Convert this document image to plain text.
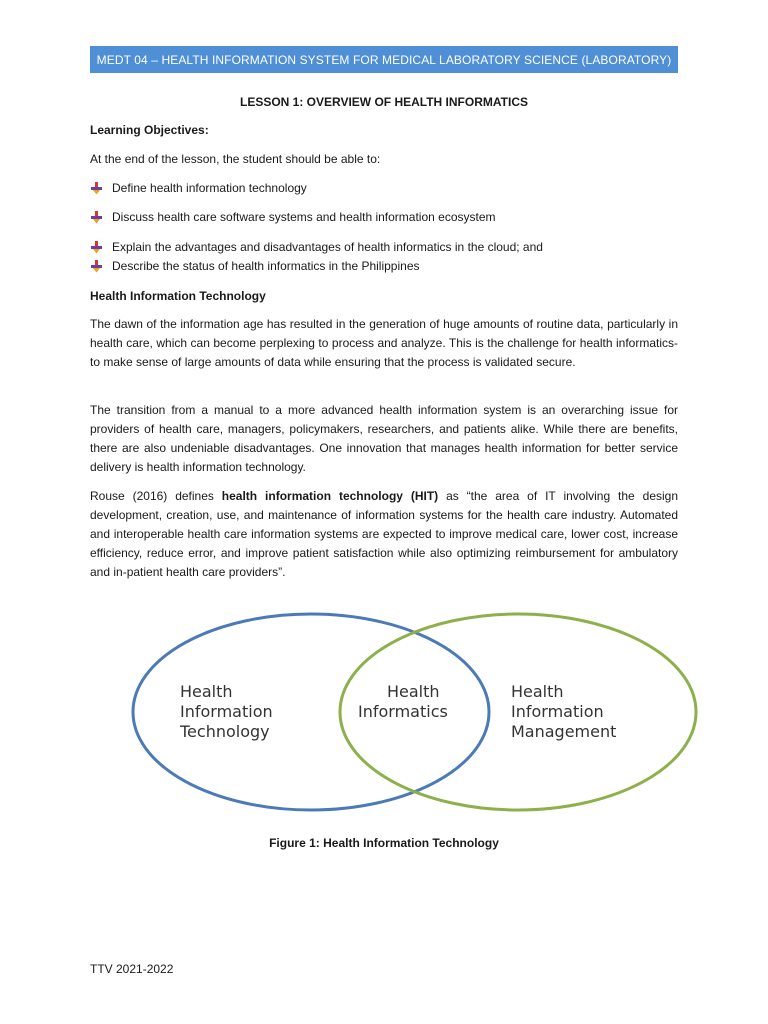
MEDT 04 – HEALTH INFORMATION SYSTEM FOR MEDICAL LABORATORY SCIENCE (LABORATORY)
LESSON 1: OVERVIEW OF HEALTH INFORMATICS
Learning Objectives:
At the end of the lesson, the student should be able to:
Define health information technology
Discuss health care software systems and health information ecosystem
Explain the advantages and disadvantages of health informatics in the cloud; and
Describe the status of health informatics in the Philippines
Health Information Technology
The dawn of the information age has resulted in the generation of huge amounts of routine data, particularly in health care, which can become perplexing to process and analyze. This is the challenge for health informatics- to make sense of large amounts of data while ensuring that the process is validated secure.
The transition from a manual to a more advanced health information system is an overarching issue for providers of health care, managers, policymakers, researchers, and patients alike. While there are benefits, there are also undeniable disadvantages. One innovation that manages health information for better service delivery is health information technology.
Rouse (2016) defines health information technology (HIT) as “the area of IT involving the design development, creation, use, and maintenance of information systems for the health care industry. Automated and interoperable health care information systems are expected to improve medical care, lower cost, increase efficiency, reduce error, and improve patient satisfaction while also optimizing reimbursement for ambulatory and in-patient health care providers”.
Health Information Technology
Health Informatics
Health Information Management
Figure 1: Health Information Technology
TTV 2021-2022
